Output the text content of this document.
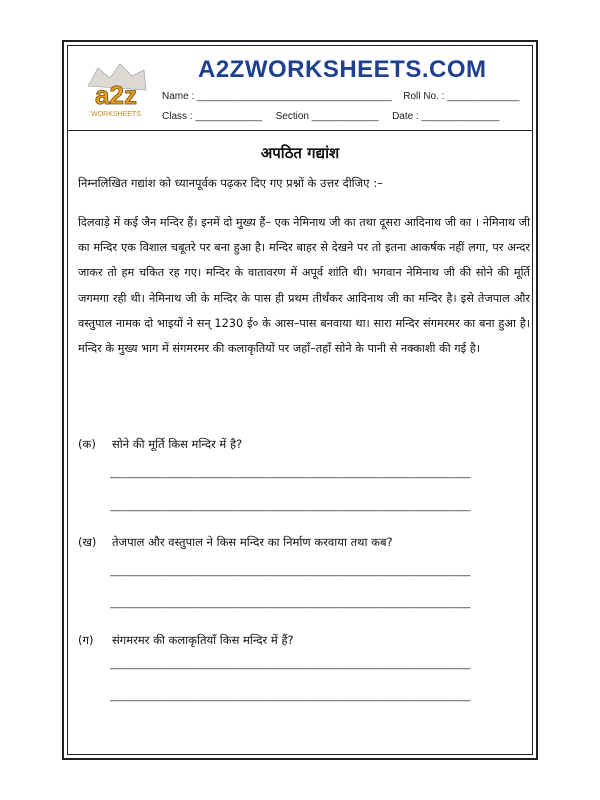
a2z
WORKSHEETS
A2ZWORKSHEETS.COM
Name : ___________________________________ Roll No. : _____________
Class : ____________ Section ____________ Date : ______________
अपठित गद्यांश
निम्नलिखित गद्यांश को ध्यानपूर्वक पढ़कर दिए गए प्रश्नों के उत्तर दीजिए :–
दिलवाड़े में कई जैन मन्दिर हैं। इनमें दो मुख्य हैं– एक नेमिनाथ जी का तथा दूसरा आदिनाथ जी का । नेमिनाथ जी का मन्दिर एक विशाल चबूतरे पर बना हुआ है। मन्दिर बाहर से देखने पर तो इतना आकर्षक नहीं लगा, पर अन्दर जाकर तो हम चकित रह गए। मन्दिर के वातावरण में अपूर्व शांति थी। भगवान नेमिनाथ जी की सोने की मूर्ति जगमगा रही थी। नेमिनाथ जी के मन्दिर के पास ही प्रथम तीर्थंकर आदिनाथ जी का मन्दिर है। इसे तेजपाल और वस्तुपाल नामक दो भाइयों ने सन् 1230 ई० के आस–पास बनवाया था। सारा मन्दिर संगमरमर का बना हुआ है। मन्दिर के मुख्य भाग में संगमरमर की कलाकृतियों पर जहाँ–तहाँ सोने के पानी से नक्काशी की गई है।
(क) सोने की मूर्ति किस मन्दिर में है?
________________________________________________________________________________
________________________________________________________________________________
(ख) तेजपाल और वस्तुपाल ने किस मन्दिर का निर्माण करवाया तथा कब?
________________________________________________________________________________
________________________________________________________________________________
(ग) संगमरमर की कलाकृतियाँ किस मन्दिर में हैं?
________________________________________________________________________________
________________________________________________________________________________
